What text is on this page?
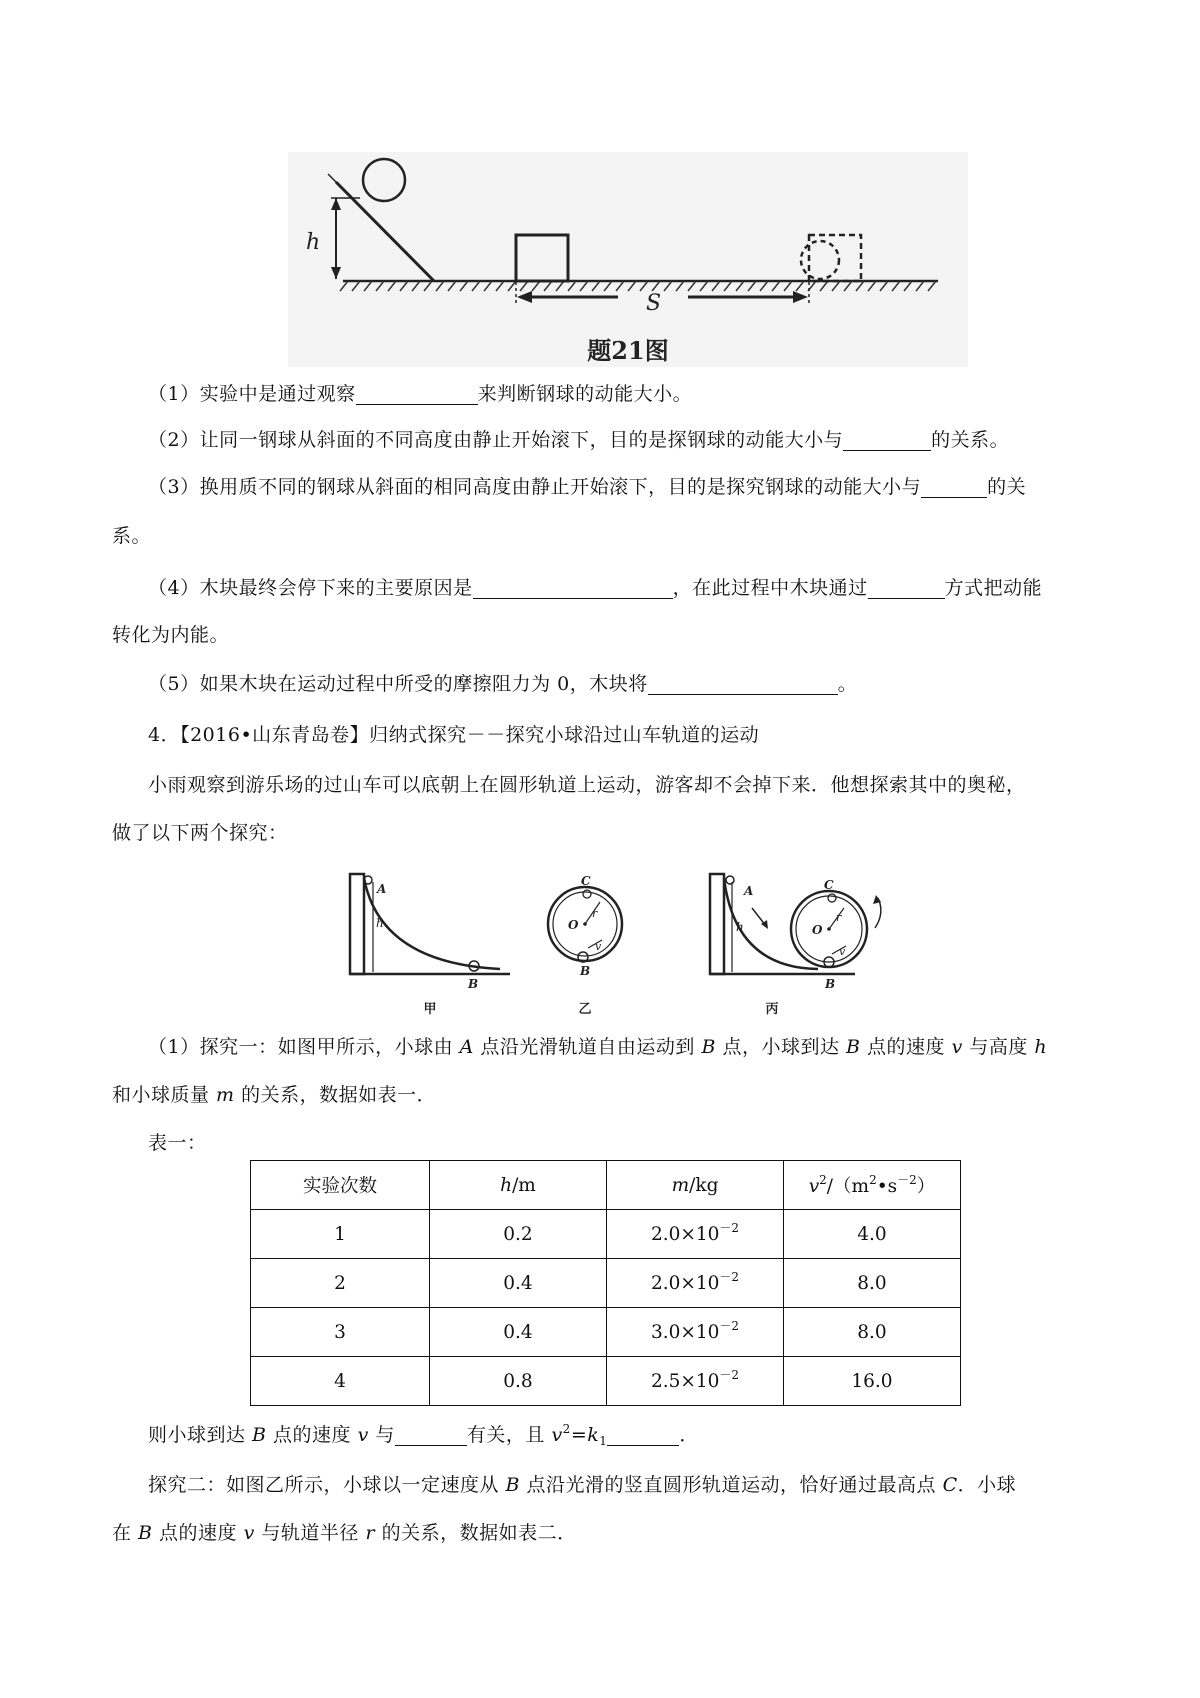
h
S
题21图
（1）实验中是通过观察	来判断钢球的动能大小。
（2）让同一钢球从斜面的不同高度由静止开始滚下，目的是探钢球的动能大小与	的关系。
（3）换用质不同的钢球从斜面的相同高度由静止开始滚下，目的是探究钢球的动能大小与	的关
系。
（4）木块最终会停下来的主要原因是	，在此过程中木块通过	方式把动能
转化为内能。
（5）如果木块在运动过程中所受的摩擦阻力为 0，木块将	。
4．【2016•山东青岛卷】归纳式探究－－探究小球沿过山车轨道的运动
小雨观察到游乐场的过山车可以底朝上在圆形轨道上运动，游客却不会掉下来．他想探索其中的奥秘，
做了以下两个探究：
A
h
B
甲
C
O
r
v
B
乙
A
h
C
O
r
v
B
丙
（1）探究一：如图甲所示，小球由 A 点沿光滑轨道自由运动到 B 点，小球到达 B 点的速度 v 与高度 h
和小球质量 m 的关系，数据如表一．
表一：
实验次数	h/m	m/kg	$v^2/(m^2•s^{-2})$
1	0.2	$2.0\times 10^{-2}$	4.0
2	0.4	$2.0\times 10^{-2}$	8.0
3	0.4	$3.0\times 10^{-2}$	8.0
4	0.8	$2.5\times 10^{-2}$	16.0
则小球到达 B 点的速度 v 与	有关，且 $v^2=k_1$	．
探究二：如图乙所示，小球以一定速度从 B 点沿光滑的竖直圆形轨道运动，恰好通过最高点 C．小球
在 B 点的速度 v 与轨道半径 r 的关系，数据如表二．
